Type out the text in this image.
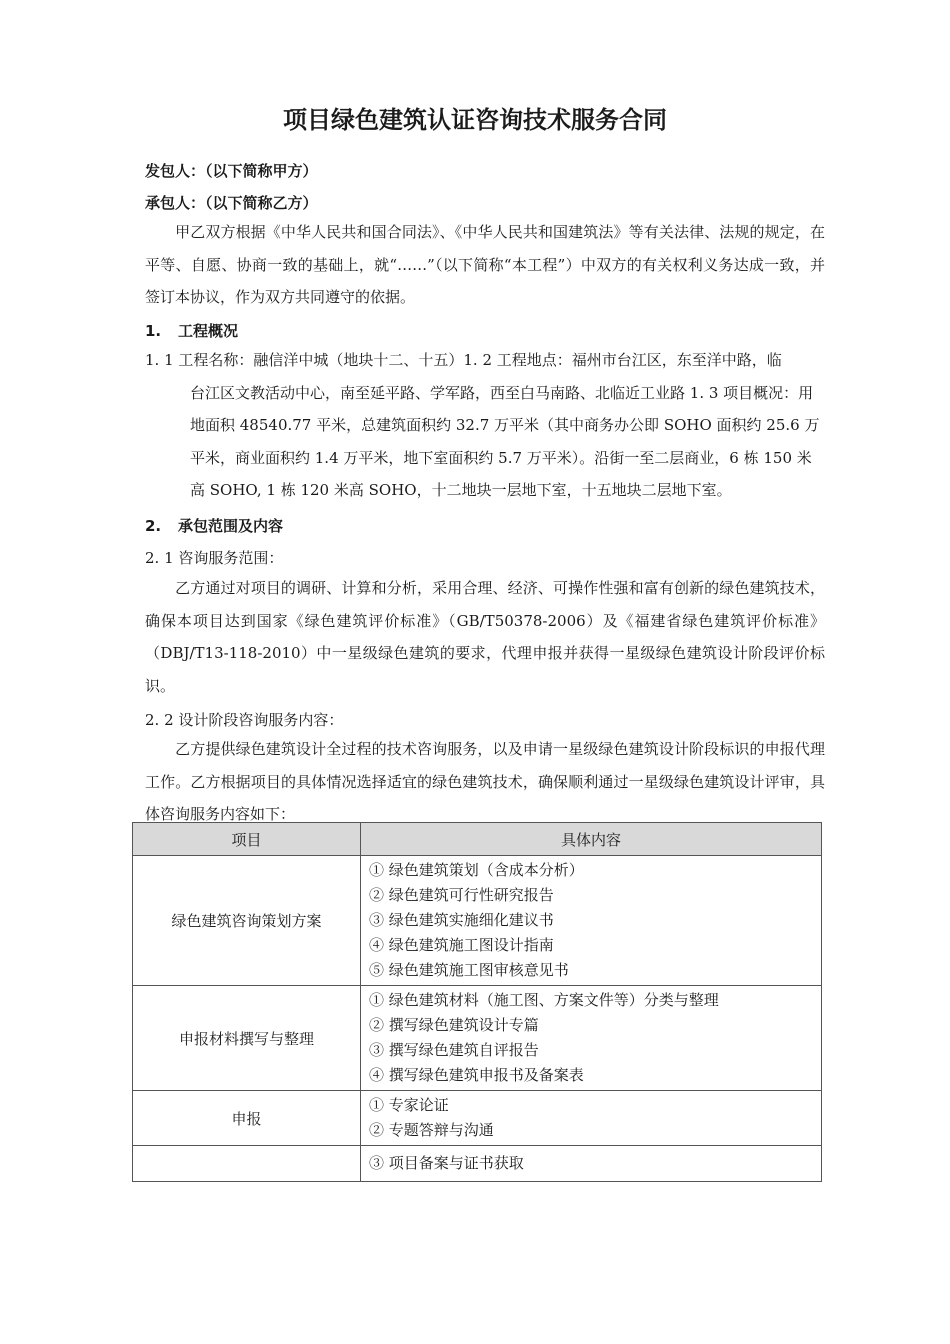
项目绿色建筑认证咨询技术服务合同
发包人：（以下简称甲方）
承包人：（以下简称乙方）
甲乙双方根据《中华人民共和国合同法》、《中华人民共和国建筑法》等有关法律、法规的规定，在平等、自愿、协商一致的基础上，就“……”（以下简称“本工程”）中双方的有关权利义务达成一致，并签订本协议，作为双方共同遵守的依据。
1. 工程概况
1. 1 工程名称：融信洋中城（地块十二、十五）1. 2 工程地点：福州市台江区，东至洋中路，临
台江区文教活动中心，南至延平路、学军路，西至白马南路、北临近工业路 1. 3 项目概况：用地面积 48540.77 平米，总建筑面积约 32.7 万平米（其中商务办公即 SOHO 面积约 25.6 万平米，商业面积约 1.4 万平米，地下室面积约 5.7 万平米）。沿街一至二层商业，6 栋 150 米高 SOHO, 1 栋 120 米高 SOHO，十二地块一层地下室，十五地块二层地下室。
2. 承包范围及内容
2. 1 咨询服务范围：
乙方通过对项目的调研、计算和分析，采用合理、经济、可操作性强和富有创新的绿色建筑技术，确保本项目达到国家《绿色建筑评价标准》（GB/T50378-2006）及《福建省绿色建筑评价标准》（DBJ/T13-118-2010）中一星级绿色建筑的要求，代理申报并获得一星级绿色建筑设计阶段评价标识。
2. 2 设计阶段咨询服务内容：
乙方提供绿色建筑设计全过程的技术咨询服务，以及申请一星级绿色建筑设计阶段标识的申报代理工作。乙方根据项目的具体情况选择适宜的绿色建筑技术，确保顺利通过一星级绿色建筑设计评审，具体咨询服务内容如下：
项目	具体内容
绿色建筑咨询策划方案	① 绿色建筑策划（含成本分析）
② 绿色建筑可行性研究报告
③ 绿色建筑实施细化建议书
④ 绿色建筑施工图设计指南
⑤ 绿色建筑施工图审核意见书

申报材料撰写与整理	① 绿色建筑材料（施工图、方案文件等）分类与整理
② 撰写绿色建筑设计专篇
③ 撰写绿色建筑自评报告
④ 撰写绿色建筑申报书及备案表

申报	① 专家论证
② 专题答辩与沟通

	③ 项目备案与证书获取
